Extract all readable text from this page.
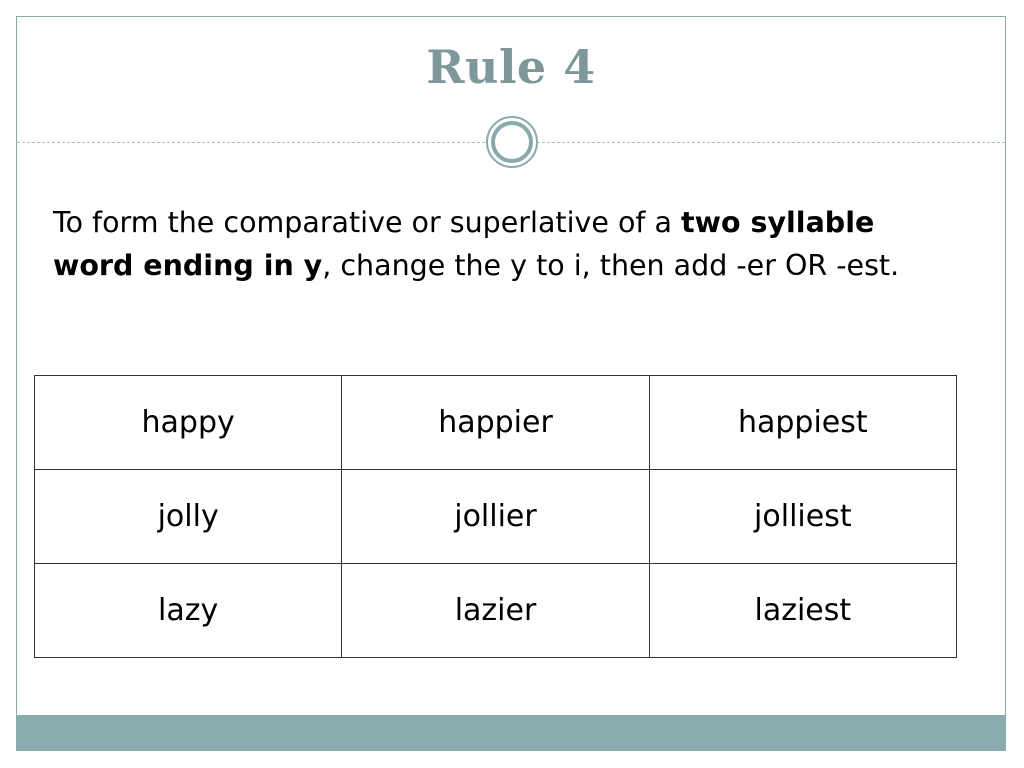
Rule 4
To form the comparative or superlative of a two syllable word ending in y, change the y to i, then add -er OR -est.
happy	happier	happiest
jolly	jollier	jolliest
lazy	lazier	laziest
